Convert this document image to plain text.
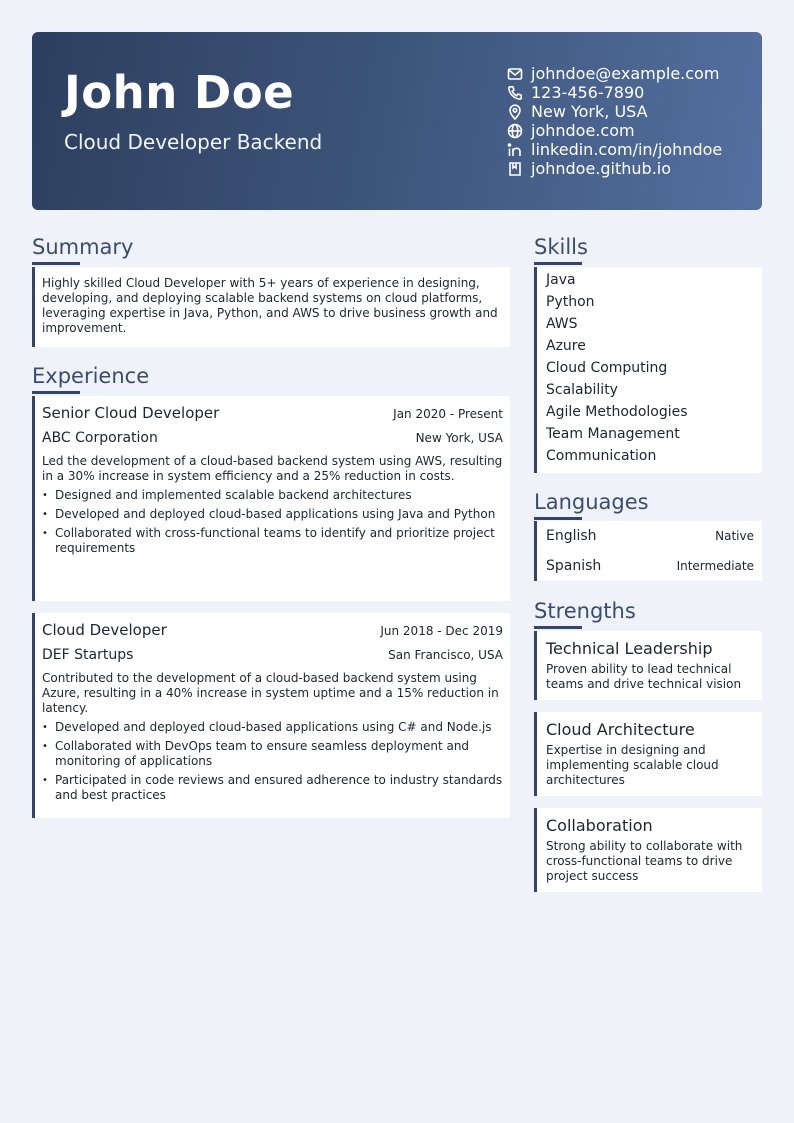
John Doe
Cloud Developer Backend
johndoe@example.com
123-456-7890
New York, USA
johndoe.com
linkedin.com/in/johndoe
johndoe.github.io
Summary
Highly skilled Cloud Developer with 5+ years of experience in designing, developing, and deploying scalable backend systems on cloud platforms, leveraging expertise in Java, Python, and AWS to drive business growth and improvement.
Experience
Senior Cloud Developer	Jan 2020 - Present
ABC Corporation	New York, USA
Led the development of a cloud-based backend system using AWS, resulting in a 30% increase in system efficiency and a 25% reduction in costs.
• Designed and implemented scalable backend architectures
• Developed and deployed cloud-based applications using Java and Python
• Collaborated with cross-functional teams to identify and prioritize project requirements
Cloud Developer	Jun 2018 - Dec 2019
DEF Startups	San Francisco, USA
Contributed to the development of a cloud-based backend system using Azure, resulting in a 40% increase in system uptime and a 15% reduction in latency.
• Developed and deployed cloud-based applications using C# and Node.js
• Collaborated with DevOps team to ensure seamless deployment and monitoring of applications
• Participated in code reviews and ensured adherence to industry standards and best practices
Skills
Java
Python
AWS
Azure
Cloud Computing
Scalability
Agile Methodologies
Team Management
Communication
Languages
English	Native
Spanish	Intermediate
Strengths
Technical Leadership
Proven ability to lead technical teams and drive technical vision
Cloud Architecture
Expertise in designing and implementing scalable cloud architectures
Collaboration
Strong ability to collaborate with cross-functional teams to drive project success
